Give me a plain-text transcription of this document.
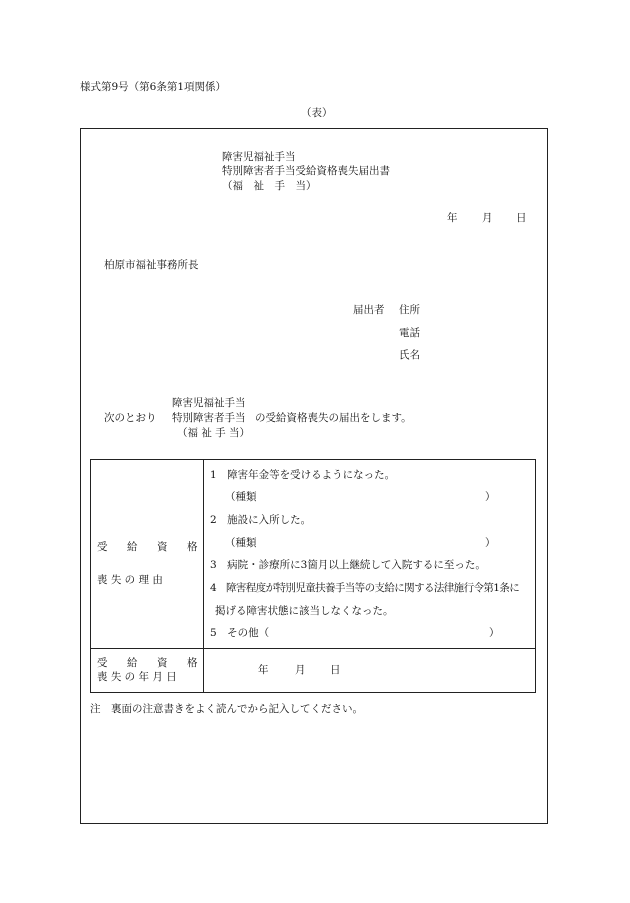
様式第9号（第6条第1項関係）
（表）
障害児福祉手当
特別障害者手当受給資格喪失届出書
（福　祉　手　当）
年 月 日
柏原市福祉事務所長
届出者 住所
電話
氏名
障害児福祉手当
次のとおり 特別障害者手当 の受給資格喪失の届出をします。
（福 祉 手 当）
受 給 資 格
喪 失 の 理 由
1　障害年金等を受けるようになった。
（種類	）
2　施設に入所した。
（種類	）
3　病院・診療所に3箇月以上継続して入院するに至った。
4　障害程度が特別児童扶養手当等の支給に関する法律施行令第1条に
掲げる障害状態に該当しなくなった。
5　その他（	）
受 給 資 格
喪 失 の 年 月 日
年	月 日
注　裏面の注意書きをよく読んでから記入してください。
